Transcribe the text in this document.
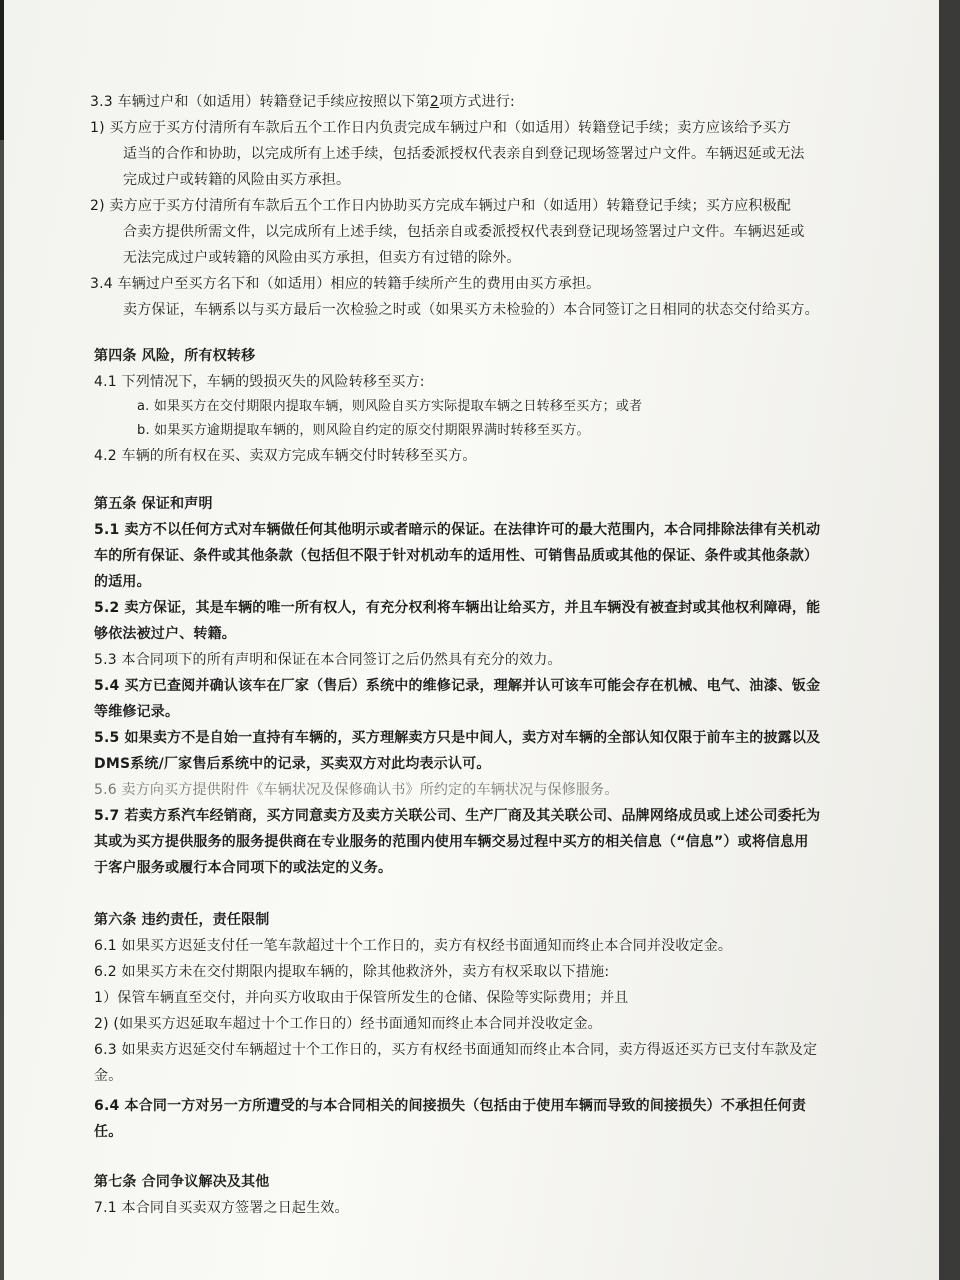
3.3 车辆过户和（如适用）转籍登记手续应按照以下第2项方式进行:
1) 买方应于买方付清所有车款后五个工作日内负责完成车辆过户和（如适用）转籍登记手续；卖方应该给予买方
适当的合作和协助，以完成所有上述手续，包括委派授权代表亲自到登记现场签署过户文件。车辆迟延或无法
完成过户或转籍的风险由买方承担。
2) 卖方应于买方付清所有车款后五个工作日内协助买方完成车辆过户和（如适用）转籍登记手续；买方应积极配
合卖方提供所需文件，以完成所有上述手续，包括亲自或委派授权代表到登记现场签署过户文件。车辆迟延或
无法完成过户或转籍的风险由买方承担，但卖方有过错的除外。
3.4 车辆过户至买方名下和（如适用）相应的转籍手续所产生的费用由买方承担。
卖方保证，车辆系以与买方最后一次检验之时或（如果买方未检验的）本合同签订之日相同的状态交付给买方。
第四条 风险，所有权转移
4.1 下列情况下，车辆的毁损灭失的风险转移至买方:
a. 如果买方在交付期限内提取车辆，则风险自买方实际提取车辆之日转移至买方；或者
b. 如果买方逾期提取车辆的，则风险自约定的原交付期限界满时转移至买方。
4.2 车辆的所有权在买、卖双方完成车辆交付时转移至买方。
第五条 保证和声明
5.1 卖方不以任何方式对车辆做任何其他明示或者暗示的保证。在法律许可的最大范围内，本合同排除法律有关机动
车的所有保证、条件或其他条款（包括但不限于针对机动车的适用性、可销售品质或其他的保证、条件或其他条款）
的适用。
5.2 卖方保证，其是车辆的唯一所有权人，有充分权利将车辆出让给买方，并且车辆没有被查封或其他权利障碍，能
够依法被过户、转籍。
5.3 本合同项下的所有声明和保证在本合同签订之后仍然具有充分的效力。
5.4 买方已查阅并确认该车在厂家（售后）系统中的维修记录，理解并认可该车可能会存在机械、电气、油漆、钣金
等维修记录。
5.5 如果卖方不是自始一直持有车辆的，买方理解卖方只是中间人，卖方对车辆的全部认知仅限于前车主的披露以及
DMS系统/厂家售后系统中的记录，买卖双方对此均表示认可。
5.6 卖方向买方提供附件《车辆状况及保修确认书》所约定的车辆状况与保修服务。
5.7 若卖方系汽车经销商，买方同意卖方及卖方关联公司、生产厂商及其关联公司、品牌网络成员或上述公司委托为
其或为买方提供服务的服务提供商在专业服务的范围内使用车辆交易过程中买方的相关信息（“信息”）或将信息用
于客户服务或履行本合同项下的或法定的义务。
第六条 违约责任，责任限制
6.1 如果买方迟延支付任一笔车款超过十个工作日的，卖方有权经书面通知而终止本合同并没收定金。
6.2 如果买方未在交付期限内提取车辆的，除其他救济外，卖方有权采取以下措施:
1）保管车辆直至交付，并向买方收取由于保管所发生的仓储、保险等实际费用；并且
2) (如果买方迟延取车超过十个工作日的）经书面通知而终止本合同并没收定金。
6.3 如果卖方迟延交付车辆超过十个工作日的，买方有权经书面通知而终止本合同，卖方得返还买方已支付车款及定
金。
6.4 本合同一方对另一方所遭受的与本合同相关的间接损失（包括由于使用车辆而导致的间接损失）不承担任何责
任。
第七条 合同争议解决及其他
7.1 本合同自买卖双方签署之日起生效。
